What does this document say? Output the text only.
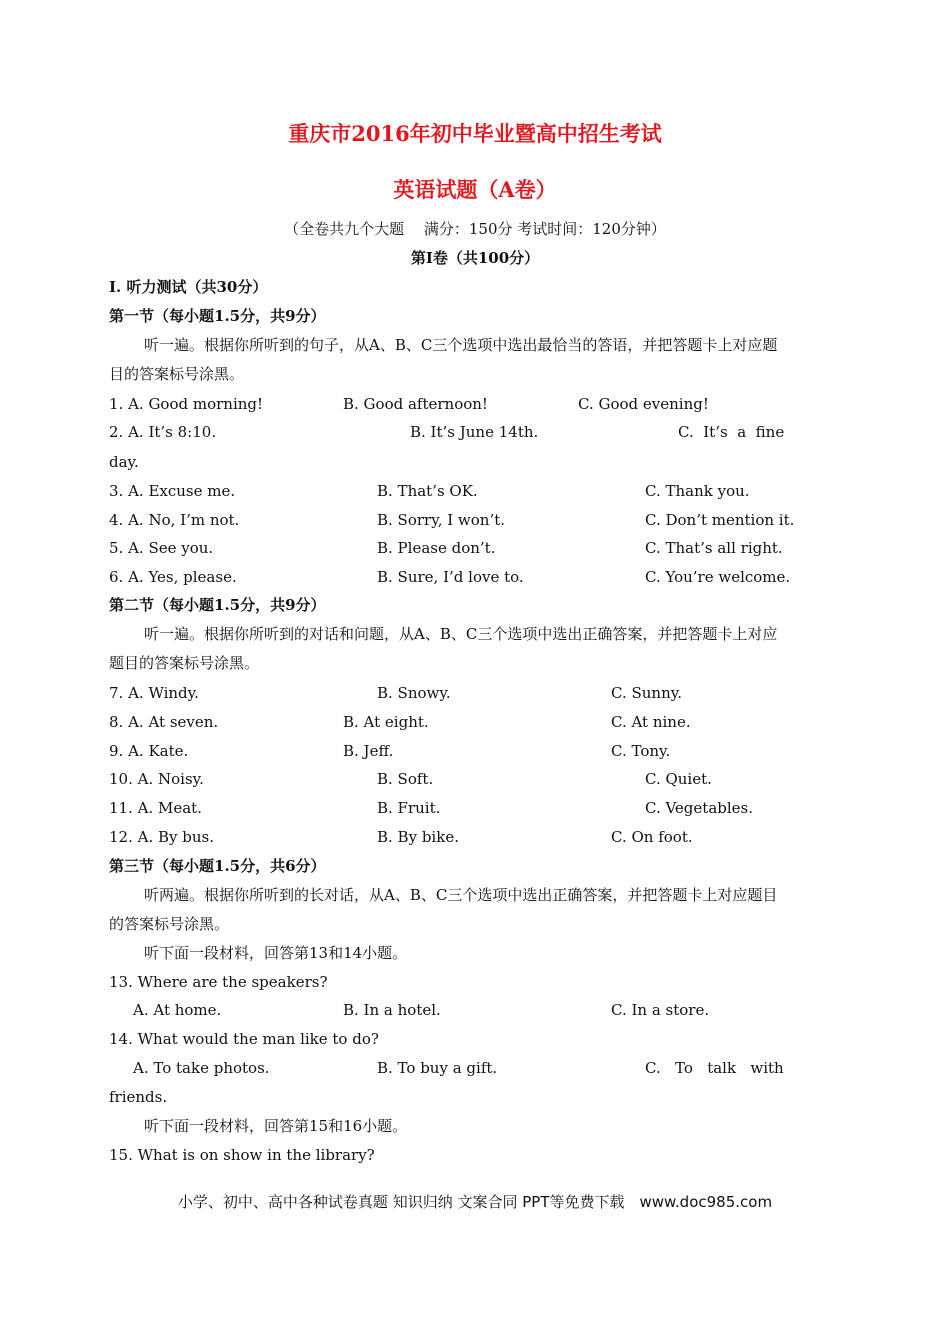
重庆市2016年初中毕业暨高中招生考试
英语试题（A卷）
（全卷共九个大题　 满分：150分 考试时间：120分钟）
第Ⅰ卷（共100分）
I. 听力测试（共30分）
第一节（每小题1.5分，共9分）
听一遍。根据你所听到的句子，从A、B、C三个选项中选出最恰当的答语，并把答题卡上对应题
目的答案标号涂黑。
1. A. Good morning!	B. Good afternoon!	C. Good evening!
2. A. It’s 8:10.	B. It’s June 14th.	C.  It’s  a  fine
day.
3. A. Excuse me.	B. That’s OK.	C. Thank you.
4. A. No, I’m not.	B. Sorry, I won’t.	C. Don’t mention it.
5. A. See you.	B. Please don’t.	C. That’s all right.
6. A. Yes, please.	B. Sure, I’d love to.	C. You’re welcome.
第二节（每小题1.5分，共9分）
听一遍。根据你所听到的对话和问题，从A、B、C三个选项中选出正确答案，并把答题卡上对应
题目的答案标号涂黑。
7. A. Windy.	B. Snowy.	C. Sunny.
8. A. At seven.	B. At eight.	C. At nine.
9. A. Kate.	B. Jeff.	C. Tony.
10. A. Noisy.	B. Soft.	C. Quiet.
11. A. Meat.	B. Fruit.	C. Vegetables.
12. A. By bus.	B. By bike.	C. On foot.
第三节（每小题1.5分，共6分）
听两遍。根据你所听到的长对话，从A、B、C三个选项中选出正确答案，并把答题卡上对应题目
的答案标号涂黑。
听下面一段材料，回答第13和14小题。
13. Where are the speakers?
A. At home.	B. In a hotel.	C. In a store.
14. What would the man like to do?
A. To take photos.	B. To buy a gift.	C.   To   talk   with
friends.
听下面一段材料，回答第15和16小题。
15. What is on show in the library?
小学、初中、高中各种试卷真题 知识归纳 文案合同 PPT等免费下载　www.doc985.com
